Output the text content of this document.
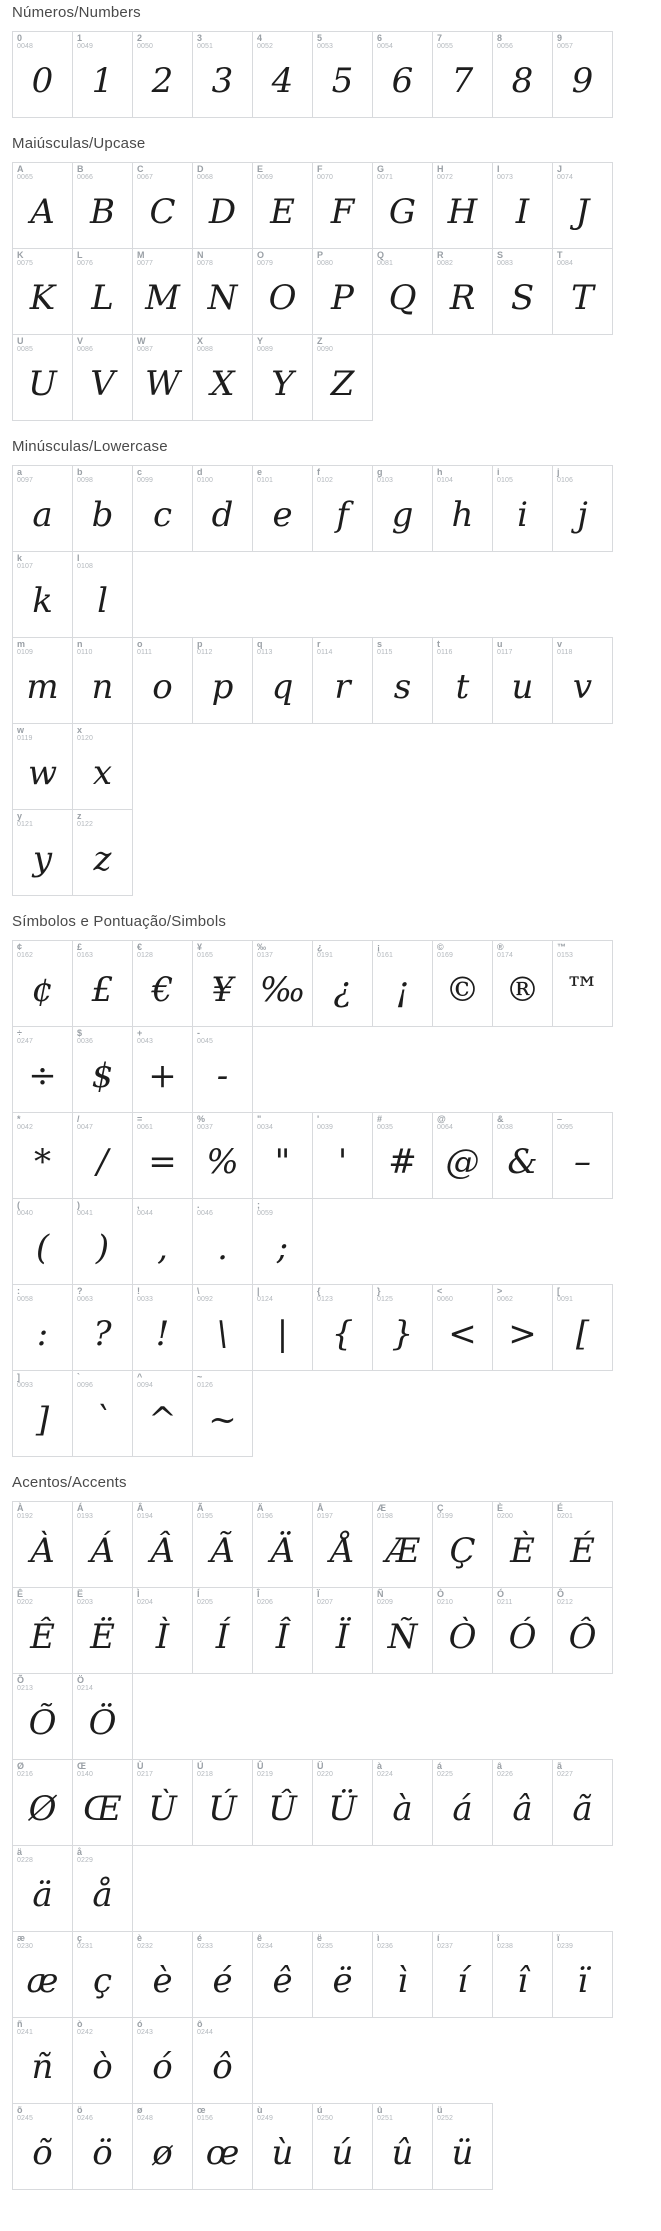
Números/Numbers
0
0048
0
1
0049
1
2
0050
2
3
0051
3
4
0052
4
5
0053
5
6
0054
6
7
0055
7
8
0056
8
9
0057
9
Maiúsculas/Upcase
A
0065
A
B
0066
B
C
0067
C
D
0068
D
E
0069
E
F
0070
F
G
0071
G
H
0072
H
I
0073
I
J
0074
J
K
0075
K
L
0076
L
M
0077
M
N
0078
N
O
0079
O
P
0080
P
Q
0081
Q
R
0082
R
S
0083
S
T
0084
T
U
0085
U
V
0086
V
W
0087
W
X
0088
X
Y
0089
Y
Z
0090
Z
Minúsculas/Lowercase
a
0097
a
b
0098
b
c
0099
c
d
0100
d
e
0101
e
f
0102
f
g
0103
g
h
0104
h
i
0105
i
j
0106
j
k
0107
k
l
0108
l
m
0109
m
n
0110
n
o
0111
o
p
0112
p
q
0113
q
r
0114
r
s
0115
s
t
0116
t
u
0117
u
v
0118
v
w
0119
w
x
0120
x
y
0121
y
z
0122
z
Símbolos e Pontuação/Simbols
¢
0162
¢
£
0163
£
€
0128
€
¥
0165
¥
‰
0137
‰
¿
0191
¿
¡
0161
¡
©
0169
©
®
0174
®
™
0153
™
÷
0247
÷
$
0036
$
+
0043
+
-
0045
-
*
0042
*
/
0047
/
=
0061
=
%
0037
%
"
0034
"
'
0039
'
#
0035
#
@
0064
@
&
0038
&
–
0095
–
(
0040
(
)
0041
)
,
0044
,
.
0046
.
;
0059
;
:
0058
:
?
0063
?
!
0033
!
\
0092
\
|
0124
|
{
0123
{
}
0125
}
<
0060
<
>
0062
>
[
0091
[
]
0093
]
`
0096
`
^
0094
^
~
0126
~
Acentos/Accents
À
0192
À
Á
0193
Á
Â
0194
Â
Ã
0195
Ã
Ä
0196
Ä
Å
0197
Å
Æ
0198
Æ
Ç
0199
Ç
È
0200
È
É
0201
É
Ê
0202
Ê
Ë
0203
Ë
Ì
0204
Ì
Í
0205
Í
Î
0206
Î
Ï
0207
Ï
Ñ
0209
Ñ
Ò
0210
Ò
Ó
0211
Ó
Ô
0212
Ô
Õ
0213
Õ
Ö
0214
Ö
Ø
0216
Ø
Œ
0140
Œ
Ù
0217
Ù
Ú
0218
Ú
Û
0219
Û
Ü
0220
Ü
à
0224
à
á
0225
á
â
0226
â
ã
0227
ã
ä
0228
ä
å
0229
å
æ
0230
æ
ç
0231
ç
è
0232
è
é
0233
é
ê
0234
ê
ë
0235
ë
ì
0236
ì
í
0237
í
î
0238
î
ï
0239
ï
ñ
0241
ñ
ò
0242
ò
ó
0243
ó
ô
0244
ô
õ
0245
õ
ö
0246
ö
ø
0248
ø
œ
0156
œ
ù
0249
ù
ú
0250
ú
û
0251
û
ü
0252
ü
